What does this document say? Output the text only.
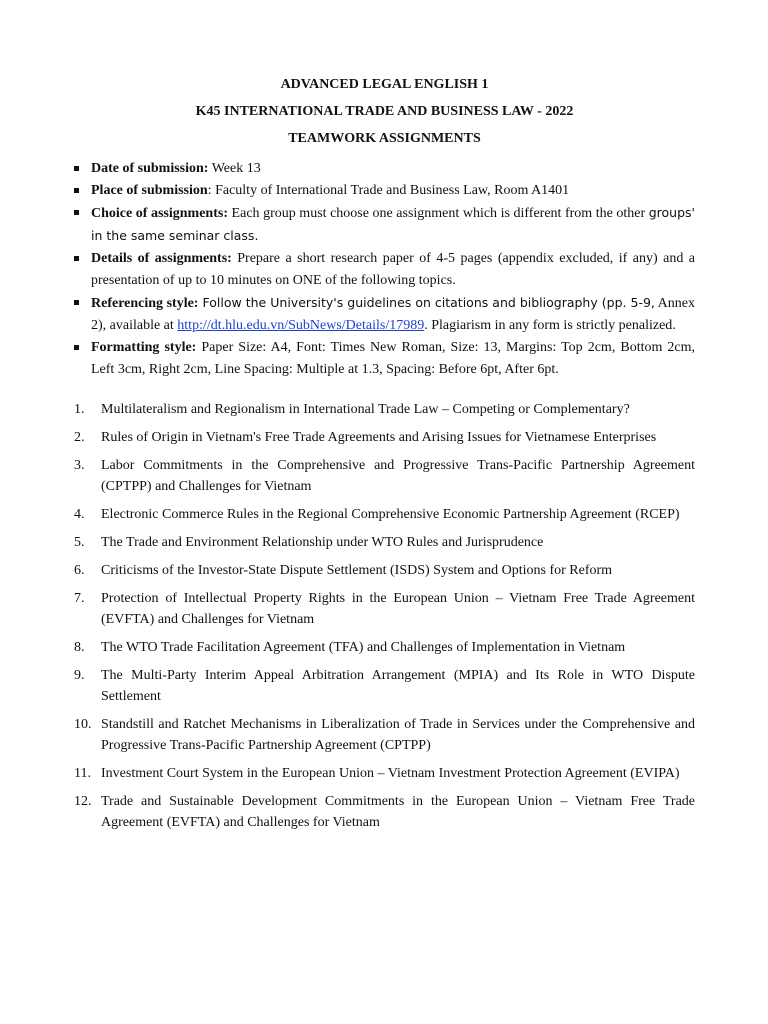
ADVANCED LEGAL ENGLISH 1
K45 INTERNATIONAL TRADE AND BUSINESS LAW - 2022
TEAMWORK ASSIGNMENTS
Date of submission: Week 13
Place of submission: Faculty of International Trade and Business Law, Room A1401
Choice of assignments: Each group must choose one assignment which is different from the other groups' in the same seminar class.
Details of assignments: Prepare a short research paper of 4-5 pages (appendix excluded, if any) and a presentation of up to 10 minutes on ONE of the following topics.
Referencing style: Follow the University's guidelines on citations and bibliography (pp. 5-9, Annex 2), available at http://dt.hlu.edu.vn/SubNews/Details/17989. Plagiarism in any form is strictly penalized.
Formatting style: Paper Size: A4, Font: Times New Roman, Size: 13, Margins: Top 2cm, Bottom 2cm, Left 3cm, Right 2cm, Line Spacing: Multiple at 1.3, Spacing: Before 6pt, After 6pt.
1.	Multilateralism and Regionalism in International Trade Law – Competing or Complementary?
2.	Rules of Origin in Vietnam's Free Trade Agreements and Arising Issues for Vietnamese Enterprises
3.	Labor Commitments in the Comprehensive and Progressive Trans-Pacific Partnership Agreement (CPTPP) and Challenges for Vietnam
4.	Electronic Commerce Rules in the Regional Comprehensive Economic Partnership Agreement (RCEP)
5.	The Trade and Environment Relationship under WTO Rules and Jurisprudence
6.	Criticisms of the Investor-State Dispute Settlement (ISDS) System and Options for Reform
7.	Protection of Intellectual Property Rights in the European Union – Vietnam Free Trade Agreement (EVFTA) and Challenges for Vietnam
8.	The WTO Trade Facilitation Agreement (TFA) and Challenges of Implementation in Vietnam
9.	The Multi-Party Interim Appeal Arbitration Arrangement (MPIA) and Its Role in WTO Dispute Settlement
10. Standstill and Ratchet Mechanisms in Liberalization of Trade in Services under the Comprehensive and Progressive Trans-Pacific Partnership Agreement (CPTPP)
11. Investment Court System in the European Union – Vietnam Investment Protection Agreement (EVIPA)
12. Trade and Sustainable Development Commitments in the European Union – Vietnam Free Trade Agreement (EVFTA) and Challenges for Vietnam
